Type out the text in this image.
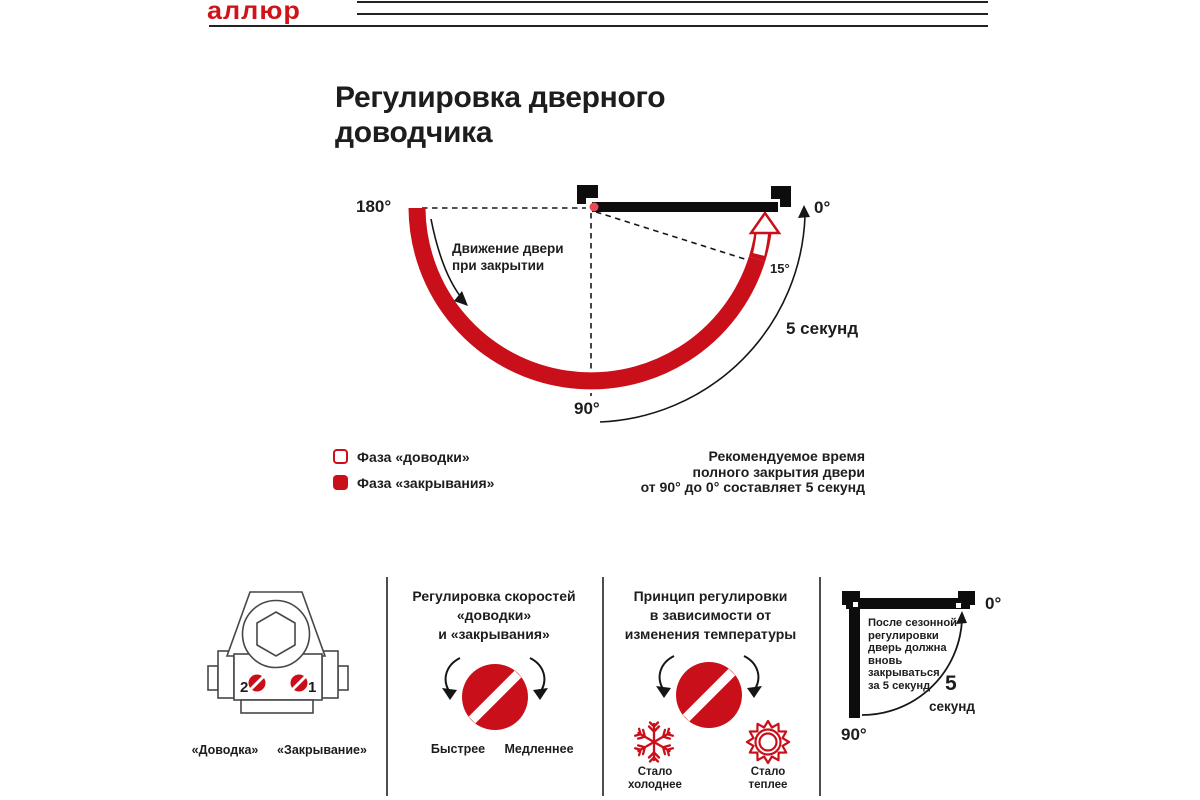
аллюр
Регулировка дверного
доводчика
180°	0°
15°
90°
5 секунд
Движение двери
при закрытии
Фаза «доводки»
Фаза «закрывания»
Рекомендуемое время
полного закрытия двери
от 90° до 0° составляет 5 секунд
2	1
«Доводка»	«Закрывание»
Регулировка скоростей
«доводки»
и «закрывания»
Быстрее	Медленнее
Принцип регулировки
в зависимости от
изменения температуры
Стало
холоднее
Стало
теплее
После сезонной
регулировки
дверь должна
вновь
закрываться
за 5 секунд
0°
90°
5
секунд
